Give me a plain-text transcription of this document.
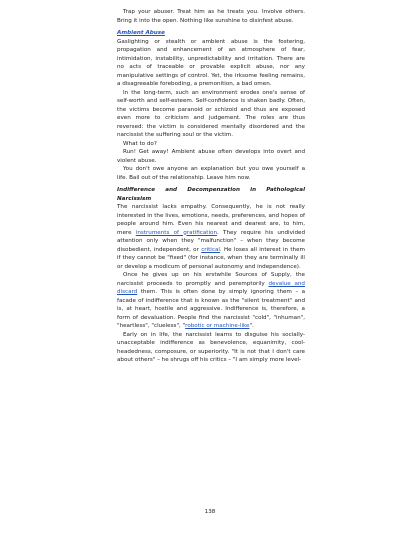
Trap your abuser. Treat him as he treats you. Involve others. Bring it into the open. Nothing like sunshine to disinfest abuse.

Ambient Abuse

Gaslighting or stealth or ambient abuse is the fostering, propagation and enhancement of an atmosphere of fear, intimidation, instability, unpredictability and irritation. There are no acts of traceable or provable explicit abuse, nor any manipulative settings of control. Yet, the irksome feeling remains, a disagreeable foreboding, a premonition, a bad omen.

In the long-term, such an environment erodes one's sense of self-worth and self-esteem. Self-confidence is shaken badly. Often, the victims become paranoid or schizoid and thus are exposed even more to criticism and judgement. The roles are thus reversed: the victim is considered mentally disordered and the narcissist the suffering soul or the victim.

What to do?

Run! Get away! Ambient abuse often develops into overt and violent abuse.

You don't owe anyone an explanation but you owe yourself a life. Bail out of the relationship. Leave him now.

Indifference and Decompenzation in Pathological Narcissism

The narcissist lacks empathy. Consequently, he is not really interested in the lives, emotions, needs, preferences, and hopes of people around him. Even his nearest and dearest are, to him, mere instruments of gratification. They require his undivided attention only when they "malfunction" – when they become disobedient, independent, or critical. He loses all interest in them if they cannot be "fixed" (for instance, when they are terminally ill or develop a modicum of personal autonomy and independence).

Once he gives up on his erstwhile Sources of Supply, the narcissist proceeds to promptly and peremptorily devalue and discard them. This is often done by simply ignoring them – a facade of indifference that is known as the "silent treatment" and is, at heart, hostile and aggressive. Indifference is, therefore, a form of devaluation. People find the narcissist "cold", "inhuman", "heartless", "clueless", "robotic or machine-like".

Early on in life, the narcissist learns to disguise his socially-unacceptable indifference as benevolence, equanimity, cool-headedness, composure, or superiority. "It is not that I don't care about others" – he shrugs off his critics – "I am simply more level-

138
